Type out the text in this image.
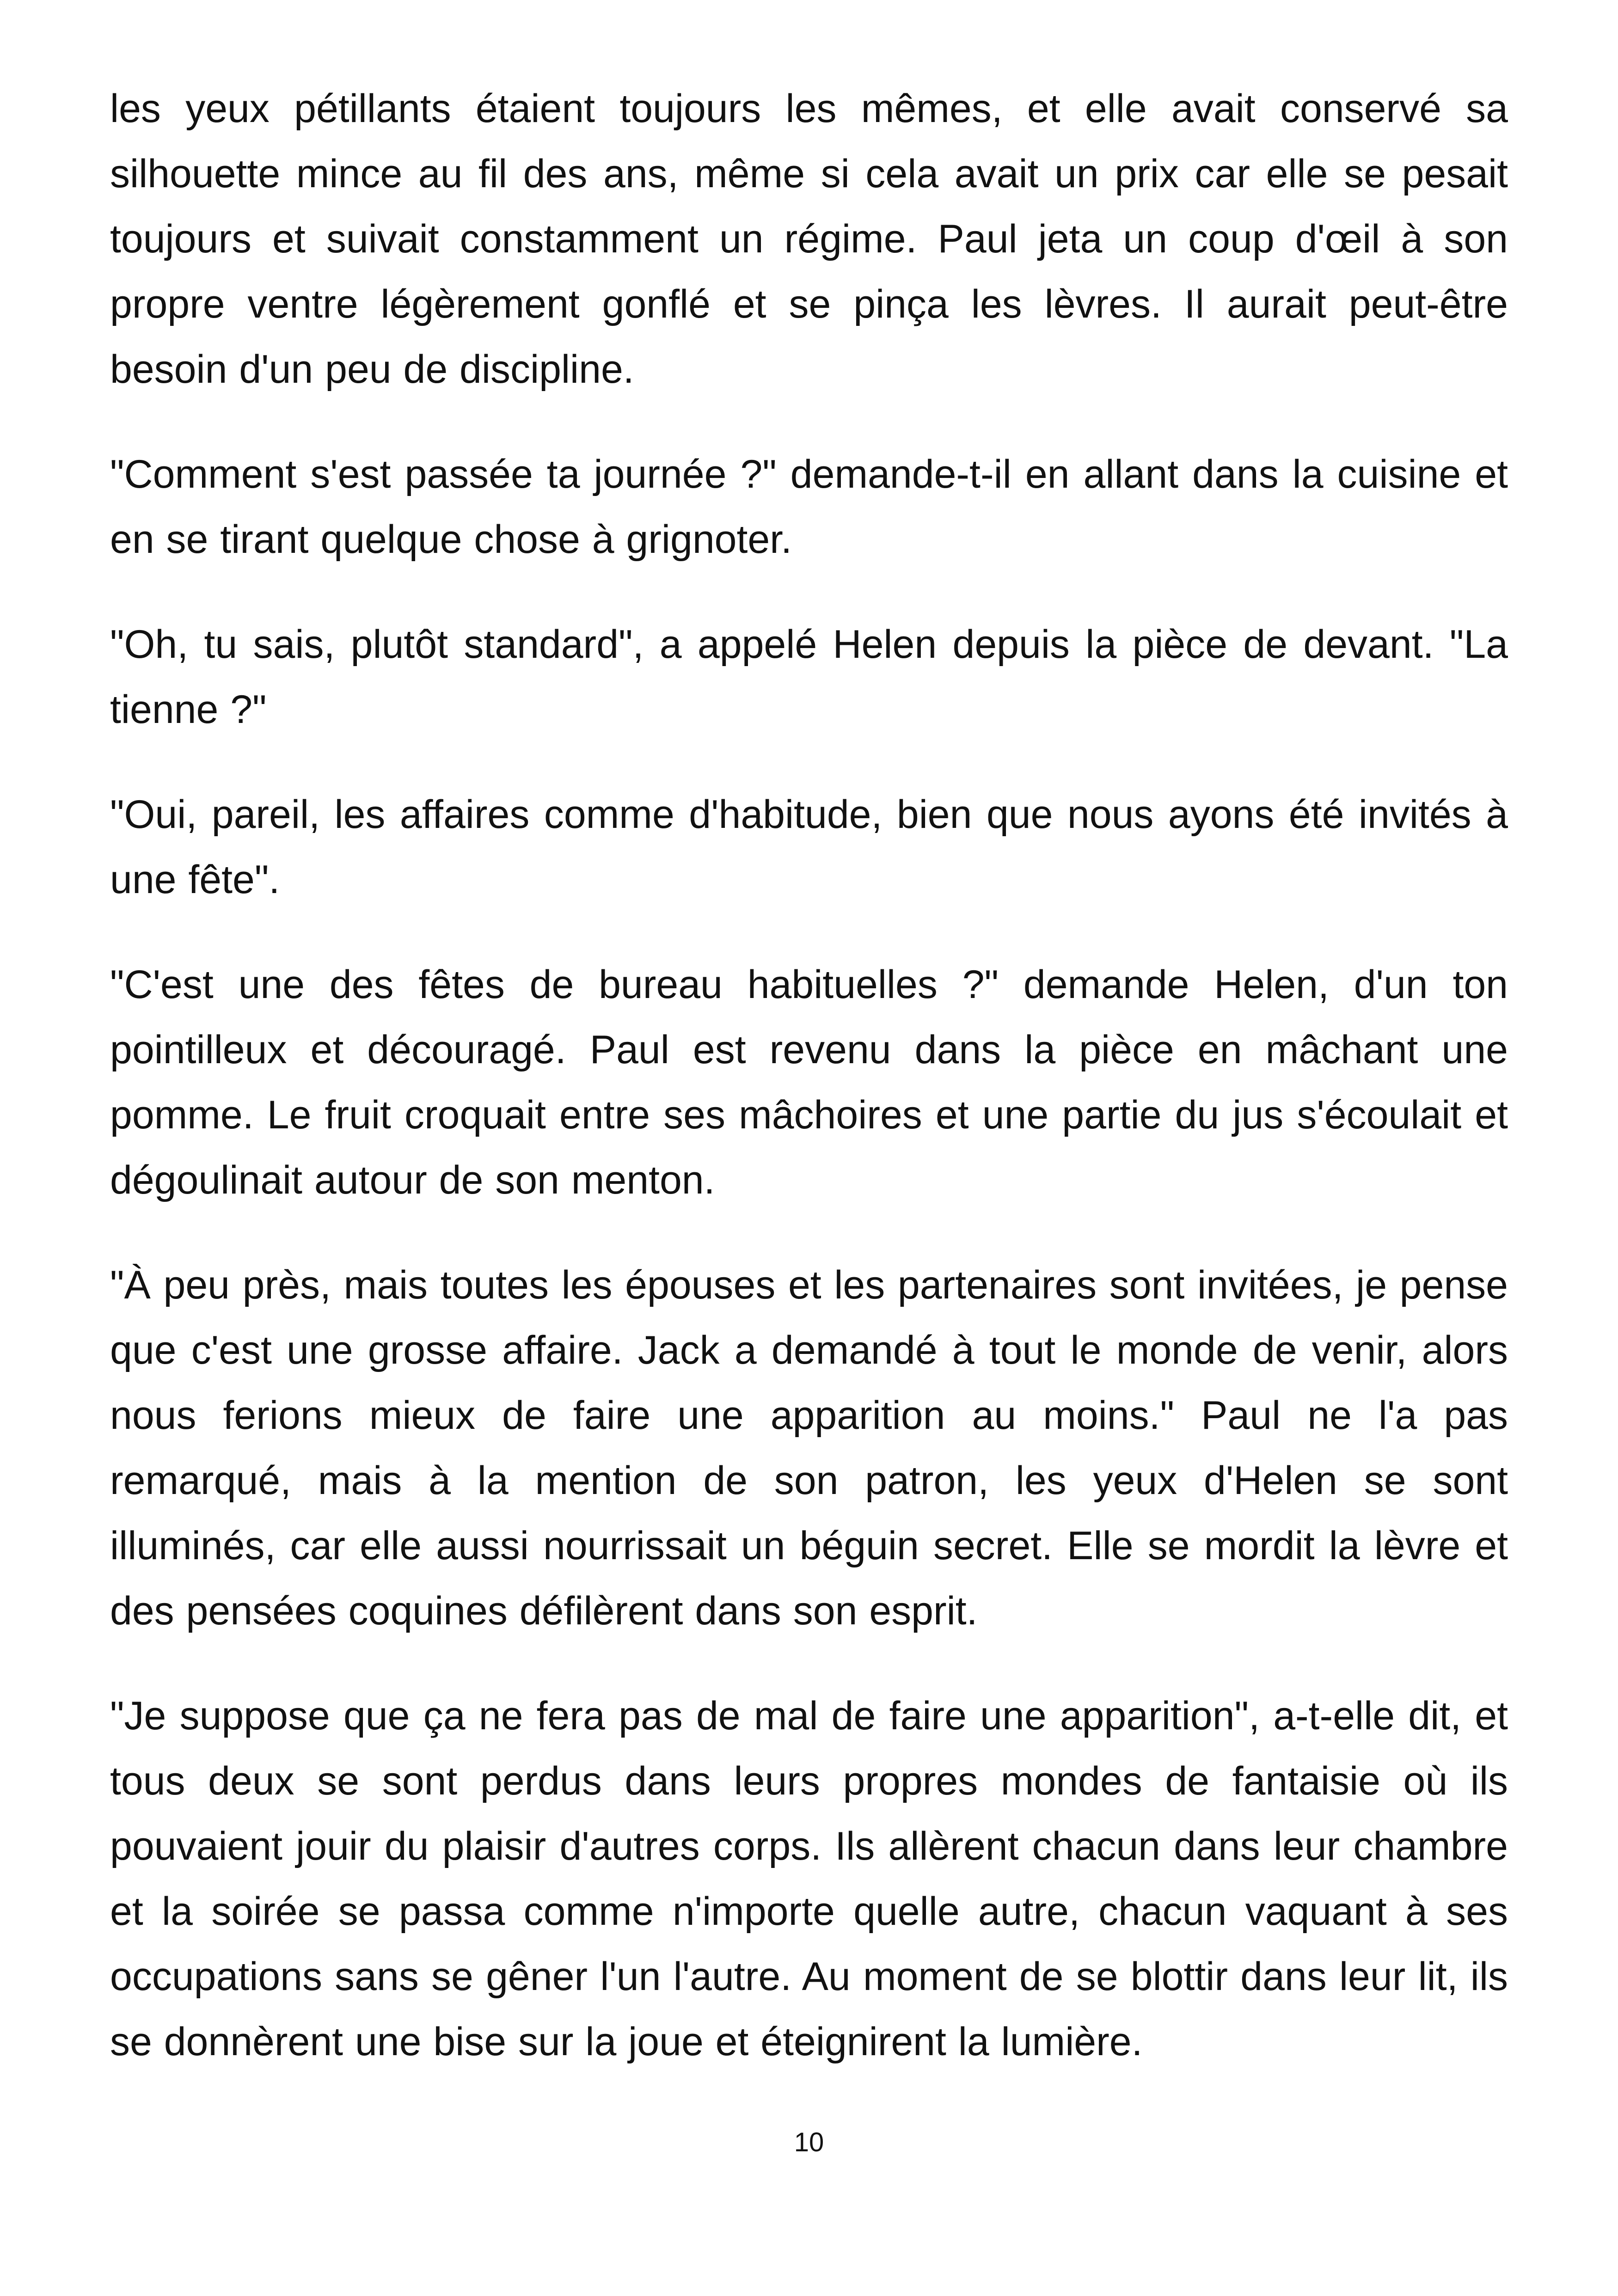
les yeux pétillants étaient toujours les mêmes, et elle avait conservé sa silhouette mince au fil des ans, même si cela avait un prix car elle se pesait toujours et suivait constamment un régime. Paul jeta un coup d'œil à son propre ventre légèrement gonflé et se pinça les lèvres. Il aurait peut-être besoin d'un peu de discipline.

"Comment s'est passée ta journée ?" demande-t-il en allant dans la cuisine et en se tirant quelque chose à grignoter.

"Oh, tu sais, plutôt standard", a appelé Helen depuis la pièce de devant. "La tienne ?"

"Oui, pareil, les affaires comme d'habitude, bien que nous ayons été invités à une fête".

"C'est une des fêtes de bureau habituelles ?" demande Helen, d'un ton pointilleux et découragé. Paul est revenu dans la pièce en mâchant une pomme. Le fruit croquait entre ses mâchoires et une partie du jus s'écoulait et dégoulinait autour de son menton.

"À peu près, mais toutes les épouses et les partenaires sont invitées, je pense que c'est une grosse affaire. Jack a demandé à tout le monde de venir, alors nous ferions mieux de faire une apparition au moins." Paul ne l'a pas remarqué, mais à la mention de son patron, les yeux d'Helen se sont illuminés, car elle aussi nourrissait un béguin secret. Elle se mordit la lèvre et des pensées coquines défilèrent dans son esprit.

"Je suppose que ça ne fera pas de mal de faire une apparition", a-t-elle dit, et tous deux se sont perdus dans leurs propres mondes de fantaisie où ils pouvaient jouir du plaisir d'autres corps. Ils allèrent chacun dans leur chambre et la soirée se passa comme n'importe quelle autre, chacun vaquant à ses occupations sans se gêner l'un l'autre. Au moment de se blottir dans leur lit, ils se donnèrent une bise sur la joue et éteignirent la lumière.

10
